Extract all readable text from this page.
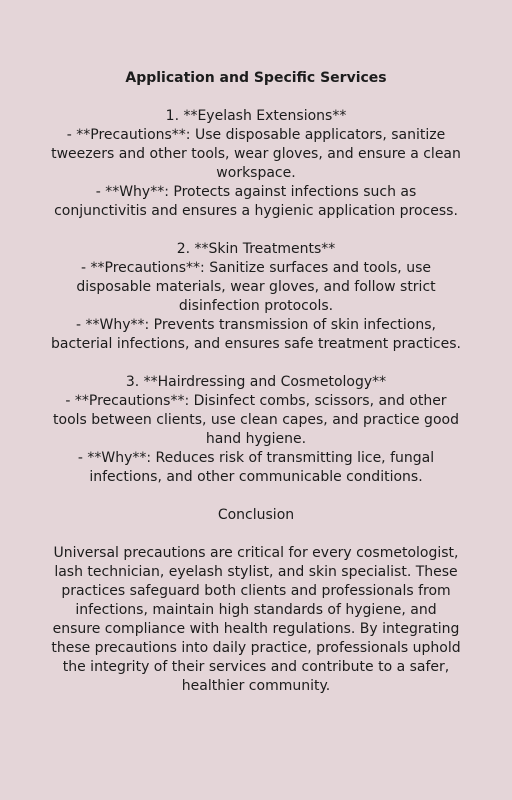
Application and Specific Services

1. **Eyelash Extensions**

- **Precautions**: Use disposable applicators, sanitize tweezers and other tools, wear gloves, and ensure a clean workspace.

- **Why**: Protects against infections such as conjunctivitis and ensures a hygienic application process.

2. **Skin Treatments**

- **Precautions**: Sanitize surfaces and tools, use disposable materials, wear gloves, and follow strict disinfection protocols.

- **Why**: Prevents transmission of skin infections, bacterial infections, and ensures safe treatment practices.

3. **Hairdressing and Cosmetology**

- **Precautions**: Disinfect combs, scissors, and other tools between clients, use clean capes, and practice good hand hygiene.

- **Why**: Reduces risk of transmitting lice, fungal infections, and other communicable conditions.

Conclusion

Universal precautions are critical for every cosmetologist, lash technician, eyelash stylist, and skin specialist. These practices safeguard both clients and professionals from infections, maintain high standards of hygiene, and ensure compliance with health regulations. By integrating these precautions into daily practice, professionals uphold the integrity of their services and contribute to a safer, healthier community.
